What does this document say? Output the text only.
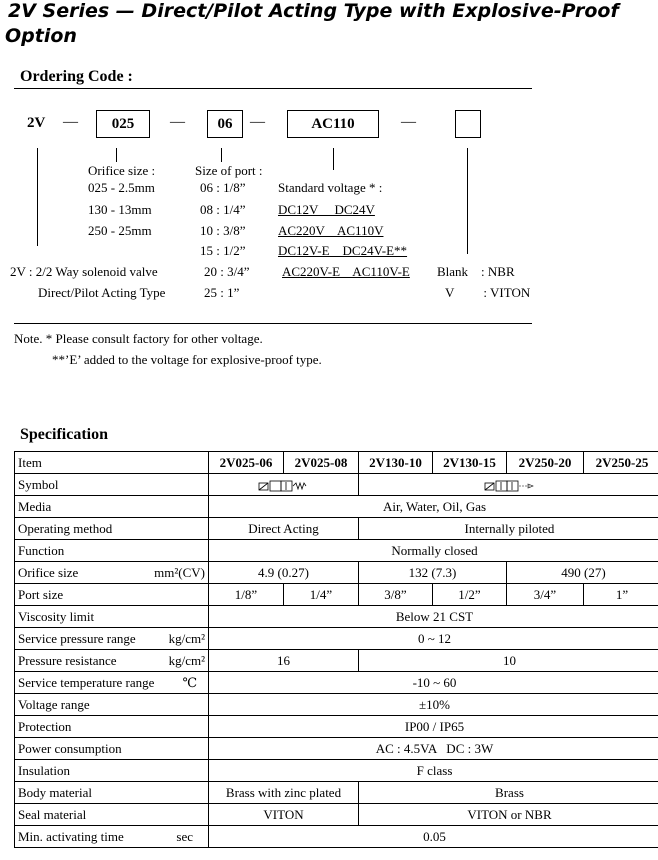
2V Series — Direct/Pilot Acting Type with Explosive-Proof
Option
Ordering Code :
2V —	025	—	06	—	AC110	—
Orifice size :
025 - 2.5mm
130 - 13mm
250 - 25mm
Size of port :
06 : 1/8”
08 : 1/4”
10 : 3/8”
15 : 1/2”
20 : 3/4”
25 : 1”
Standard voltage * :
DC12V     DC24V
AC220V    AC110V
DC12V-E    DC24V-E**
AC220V-E    AC110V-E
2V : 2/2 Way solenoid valve
Direct/Pilot Acting Type
Blank    : NBR
V         : VITON
Note. * Please consult factory for other voltage.
**’E’ added to the voltage for explosive-proof type.
Specification
Item	2V025-06	2V025-08	2V130-10	2V130-15	2V250-20	2V250-25
Symbol		
Media	Air, Water, Oil, Gas					
Operating method	Direct Acting		Internally piloted			
Function	Normally closed					

Orifice size mm²(CV)	4.9 (0.27)		132 (7.3)		490 (27)	
Port size	1/8”	1/4”	3/8”	1/2”	3/4”	1”
Viscosity limit	Below 21 CST					

Service pressure range kg/cm²	0 ~ 12					

Pressure resistance kg/cm²	16		10			

Service temperature range ℃	-10 ~ 60					
Voltage range	±10%					
Protection	IP00 / IP65					
Power consumption	AC : 4.5VA   DC : 3W					
Insulation	F class					
Body material	Brass with zinc plated		Brass			
Seal material	VITON		VITON or NBR			

Min. activating time sec	0.05					
